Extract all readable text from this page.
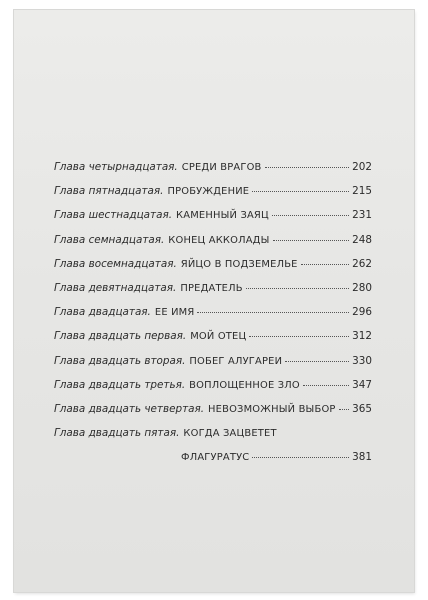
Глава четырнадцатая. СРЕДИ ВРАГОВ	202
Глава пятнадцатая. ПРОБУЖДЕНИЕ	215
Глава шестнадцатая. КАМЕННЫЙ ЗАЯЦ	231
Глава семнадцатая. КОНЕЦ АККОЛАДЫ	248
Глава восемнадцатая. ЯЙЦО В ПОДЗЕМЕЛЬЕ	262
Глава девятнадцатая. ПРЕДАТЕЛЬ	280
Глава двадцатая. ЕЕ ИМЯ	296
Глава двадцать первая. МОЙ ОТЕЦ	312
Глава двадцать вторая. ПОБЕГ АЛУГАРЕИ	330
Глава двадцать третья. ВОПЛОЩЕННОЕ ЗЛО	347
Глава двадцать четвертая. НЕВОЗМОЖНЫЙ ВЫБОР 365
Глава двадцать пятая. КОГДА ЗАЦВЕТЕТ
ФЛАГУРАТУС	381
